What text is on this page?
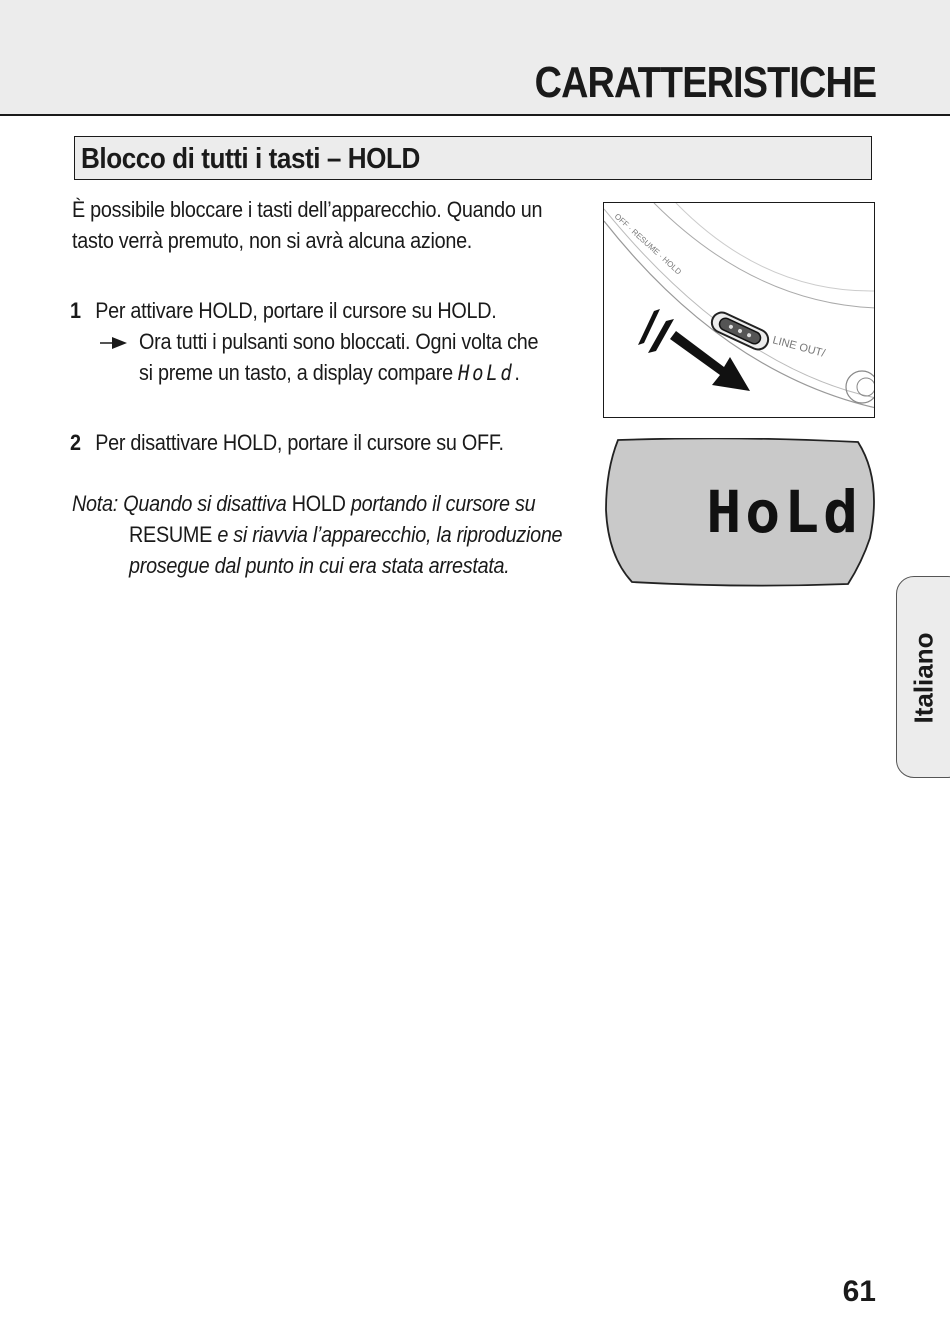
CARATTERISTICHE
Blocco di tutti i tasti – HOLD
È possibile bloccare i tasti dell’apparecchio. Quando un
tasto verrà premuto, non si avrà alcuna azione.
1 Per attivare HOLD, portare il cursore su HOLD.
Ora tutti i pulsanti sono bloccati. Ogni volta che
si preme un tasto, a display compare HoLd.
2 Per disattivare HOLD, portare il cursore su OFF.
Nota: Quando si disattiva HOLD portando il cursore su
RESUME e si riavvia l’apparecchio, la riproduzione
prosegue dal punto in cui era stata arrestata.
OFF · RESUME · HOLD
LINE OUT/
HoLd
Italiano
61
